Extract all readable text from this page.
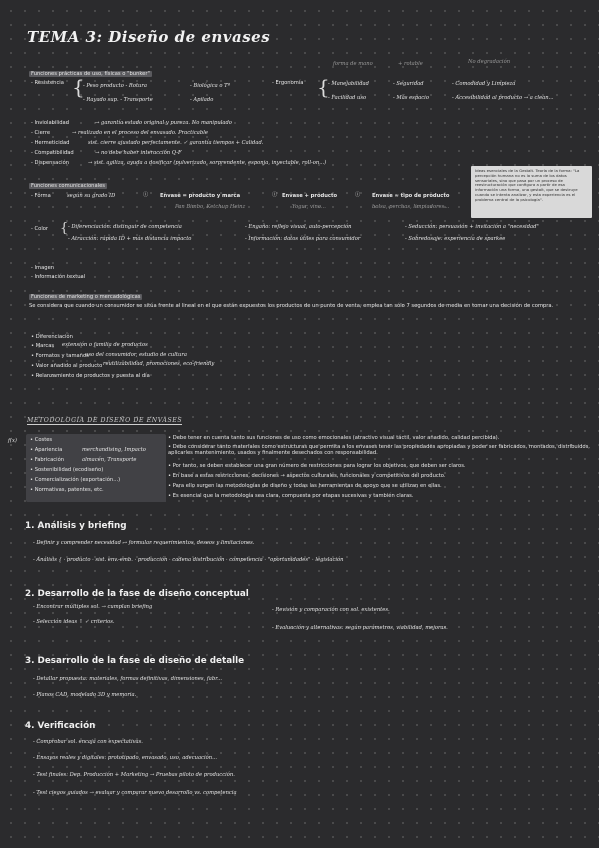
TEMA 3: Diseño de envases
Funciones prácticas de uso, físicas o "bunker"
- Resistencia {
- Peso producto - Rotura
- Rayado sup. - Transporte
- Biológica o Tª
- Apilado
- Ergonomía
forma de mano	+ rotable	No degradación
{
- Manejabilidad
- Facilidad uso
- Seguridad
- Más espacio
- Comodidad y Limpieza
- Accesibilidad al producto → a clean...
- Inviolabilidad	→ garantía estado original y pureza. No manipulado
- Cierre	→ realizado en el proceso del envasado. Practicable
- Hermeticidad	sist. cierre ajustado perfectamente. ✓ garantía tiempos + Calidad.
- Compatibilidad	→ no debe haber interacción Q-F
- Dispensación	→ sist. agiliza, ayuda a dosificar (pulverizado, sorprendente, esponja, inyectable, roll-on...)
Funciones comunicacionales
- Forma	según su grado ID	ⓘ	ⓘ	ⓘ
Envase = producto y marca
Pan Bimbo, Ketchup Heinz
Envase + producto
Yogur, vino...
Envase ≈ tipo de producto
bolsa, perchas, limpiadores...
Ideas esenciales de la Gestalt. Teoría de la forma: "La percepción humana no es la suma de los datos sensoriales, sino que pasa por un proceso de reestructuración que configura a partir de esa información una forma, una gestalt, que se destruye cuando se intenta analizar, y esta experiencia es el problema central de la psicología".
- Color { - Diferenciación: distinguir de competencia
- Atracción: rápida ID + más distancia impacto
- Engaño: reflejo visual, auto-percepción
- Información: datos útiles para consumidor
- Seducción: persuasión + invitación a "necesidad"
- Sobredosaje: experiencia de sparkee
- Imagen
- Información textual
Funciones de marketing o mercadológicas
Se considera que cuando un consumidor se sitúa frente al lineal en el que están expuestos los productos de un punto de venta, emplea tan sólo 7 segundos de media en tomar una decisión de compra.
• Diferenciación
• Marcas extensión o familia de productos
• Formatos y tamaños
uso del consumidor, estudio de cultura
• Valor añadido al producto reutilizabilidad, promociones, eco-friendly
• Relanzamiento de productos y puesta al día
METODOLOGÍA DE DISEÑO DE ENVASES
f(x)	• Costes
• Apariencia	merchandising, Impacto
• Fabricación	almacén, Transporte
• Sostenibilidad (ecodiseño)
• Comercialización (exportación...)
• Normativas, patentes, etc.
• Debe tener en cuenta tanto sus funciones de uso como emocionales (atractivo visual táctil, valor añadido, calidad percibida).
• Debe considerar tanto materiales como estructuras que permita a los envases tener las propiedades apropiadas y poder ser fabricados, montados, distribuidos, aplicarles mantenimiento, usados y finalmente desechados con responsabilidad.
• Por tanto, se deben establecer una gran número de restricciones para lograr los objetivos, que deben ser claros.
• En base a estas restricciones, decisiones → aspectos culturales, funcionales y competitivos del producto.
• Para ello surgen las metodologías de diseño y todas las herramientas de apoyo que se utilizan en ellas.
• Es esencial que la metodología sea clara, compuesta por etapas sucesivas y también claras.
1. Análisis y briefing
- Definir y comprender necesidad → formular requerimientos, deseos y limitaciones.
- Análisis { · producto · sist. env.-emb. · producción · cadena distribución · competencia · "oportunidades" · legislación
2. Desarrollo de la fase de diseño conceptual
- Encontrar múltiples sol. → cumplan briefing
- Selección ideas ↑ ✓ criterios.
- Revisión y comparación con sol. existentes.
- Evaluación y alternativas: según parámetros, viabilidad, mejoras.
3. Desarrollo de la fase de diseño de detalle
- Detallar propuesta: materiales, formas definitivas, dimensiones, fabr...
- Planos CAD, modelado 3D y memoria.
4. Verificación
- Comprobar sol. encaja con expectativas.
- Ensayos reales y digitales: prototipado, envasado, uso, adecuación...
- Test finales: Dep. Producción + Marketing → Pruebas piloto de producción.
- Test ciegos guiados → evaluar y comparar nuevo desarrollo vs. competencia
